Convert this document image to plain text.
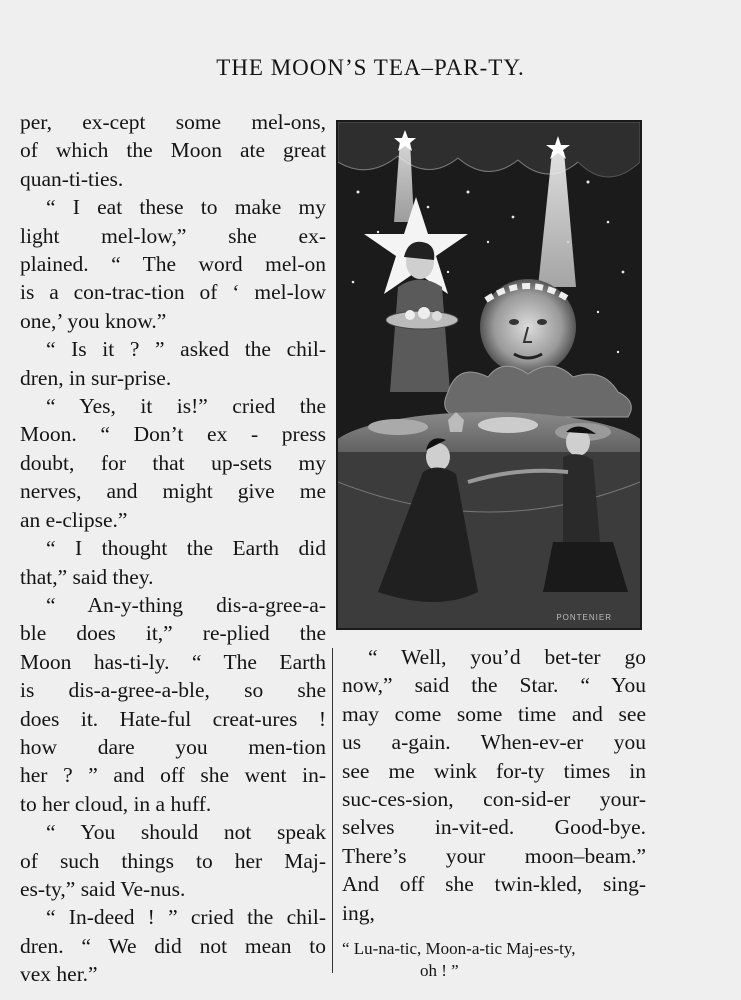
THE MOON’S TEA–PAR-TY.
per, ex-cept some mel-ons,
of which the Moon ate great
quan-ti-ties.
“ I eat these to make my
light mel-low,” she ex-
plained. “ The word mel-on
is a con-trac-tion of ‘ mel-low
one,’ you know.”
“ Is it ? ” asked the chil-
dren, in sur-prise.
“ Yes, it is!” cried the
Moon. “ Don’t ex - press
doubt, for that up-sets my
nerves, and might give me
an e-clipse.”
“ I thought the Earth did
that,” said they.
“ An-y-thing dis-a-gree-a-
ble does it,” re-plied the
Moon has-ti-ly. “ The Earth
is dis-a-gree-a-ble, so she
does it. Hate-ful creat-ures !
how dare you men-tion
her ? ” and off she went in-
to her cloud, in a huff.
“ You should not speak
of such things to her Maj-
es-ty,” said Ve-nus.
“ In-deed ! ” cried the chil-
dren. “ We did not mean to
vex her.”
PONTENIER
“ Well, you’d bet-ter go
now,” said the Star. “ You
may come some time and see
us a-gain. When-ev-er you
see me wink for-ty times in
suc-ces-sion, con-sid-er your-
selves in-vit-ed. Good-bye.
There’s your moon–beam.”
And off she twin-kled, sing-
ing,
“ Lu-na-tic, Moon-a-tic Maj-es-ty,
oh ! ”
